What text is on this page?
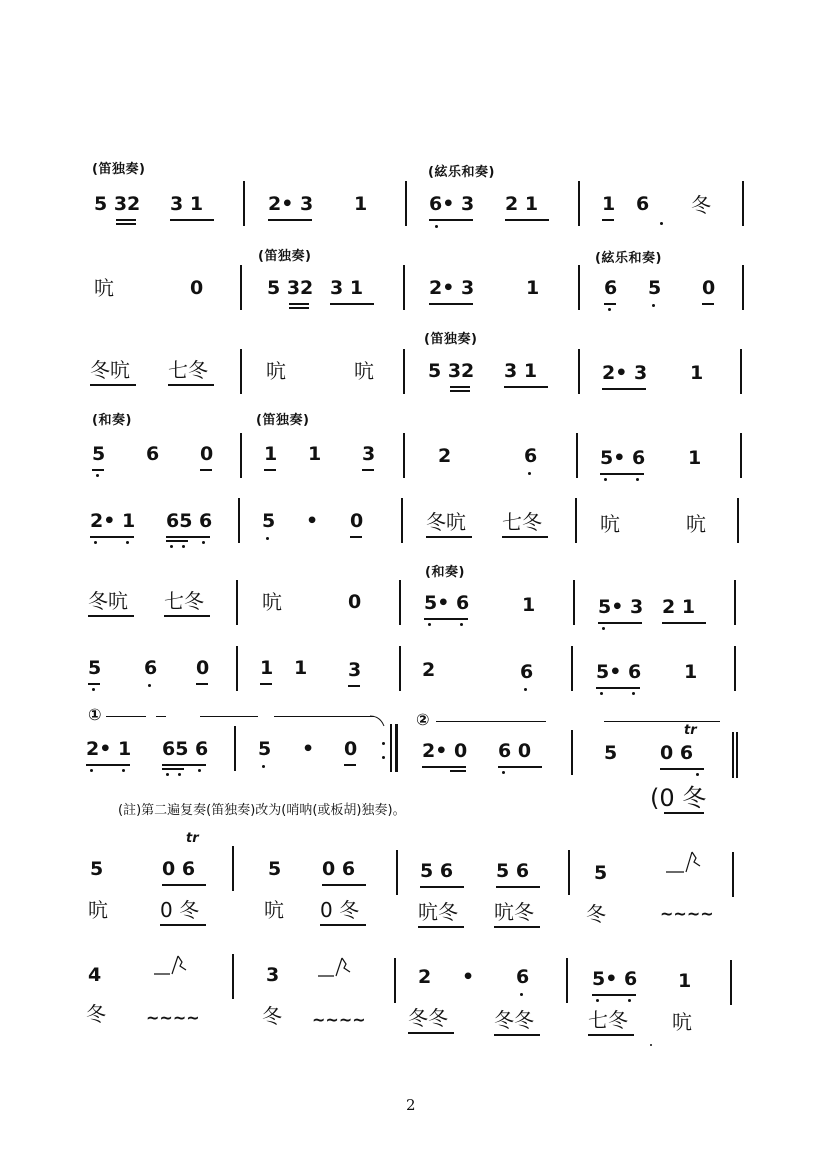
(笛独奏)	(絃乐和奏)
5 32 3 1	2• 3 1	6• 3 2 1	1 6 冬
(笛独奏)	(絃乐和奏)
吭	0	5 32 3 1	2• 3	1	6 5 0
(笛独奏)
冬吭 七冬	吭	吭	5 32 3 1	2• 3 1
(和奏)	(笛独奏)
5 6 0	1 1 3	2	6	5• 6 1
2• 1 65 6	5 • 0	冬吭 七冬	吭	吭
(和奏)
冬吭 七冬	吭	0	5• 6	1	5• 3 2 1
5 6 0	1 1 3	2	6	5• 6 1
①	②
2• 1 65 6	5 • 0	2• 0 6 0	5
tr
0 6
(註)第二遍复奏(笛独奏)改为(哨呐(或板胡)独奏)。	(0 冬
tr
5	0 6	5 0 6	5 6 5 6	5
吭	0 冬	吭 0 冬	吭冬 吭冬	冬	~~~~
4	3	2 • 6	5• 6 1
冬	~~~~	冬 ~~~~ 冬冬 冬冬	七冬 吭
2
